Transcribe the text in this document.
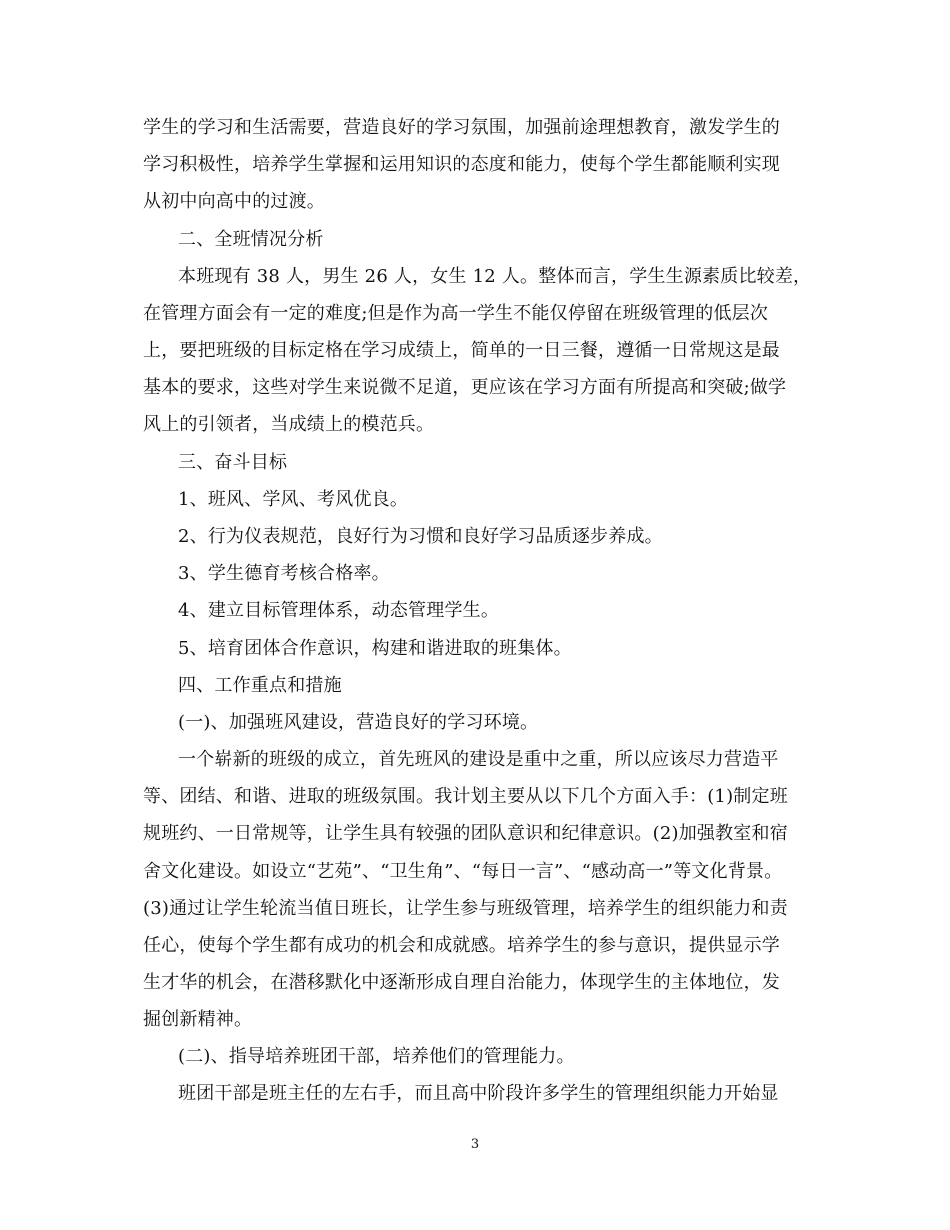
学生的学习和生活需要，营造良好的学习氛围，加强前途理想教育，激发学生的
学习积极性，培养学生掌握和运用知识的态度和能力，使每个学生都能顺利实现
从初中向高中的过渡。
二、全班情况分析
本班现有 38 人，男生 26 人，女生 12 人。整体而言，学生生源素质比较差，
在管理方面会有一定的难度;但是作为高一学生不能仅停留在班级管理的低层次
上，要把班级的目标定格在学习成绩上，简单的一日三餐，遵循一日常规这是最
基本的要求，这些对学生来说微不足道，更应该在学习方面有所提高和突破;做学
风上的引领者，当成绩上的模范兵。
三、奋斗目标
1、班风、学风、考风优良。
2、行为仪表规范，良好行为习惯和良好学习品质逐步养成。
3、学生德育考核合格率。
4、建立目标管理体系，动态管理学生。
5、培育团体合作意识，构建和谐进取的班集体。
四、工作重点和措施
(一)、加强班风建设，营造良好的学习环境。
一个崭新的班级的成立，首先班风的建设是重中之重，所以应该尽力营造平
等、团结、和谐、进取的班级氛围。我计划主要从以下几个方面入手：(1)制定班
规班约、一日常规等，让学生具有较强的团队意识和纪律意识。(2)加强教室和宿
舍文化建设。如设立“艺苑”、“卫生角”、“每日一言”、“感动高一”等文化背景。
(3)通过让学生轮流当值日班长，让学生参与班级管理，培养学生的组织能力和责
任心，使每个学生都有成功的机会和成就感。培养学生的参与意识，提供显示学
生才华的机会，在潜移默化中逐渐形成自理自治能力，体现学生的主体地位，发
掘创新精神。
(二)、指导培养班团干部，培养他们的管理能力。
班团干部是班主任的左右手，而且高中阶段许多学生的管理组织能力开始显
3
